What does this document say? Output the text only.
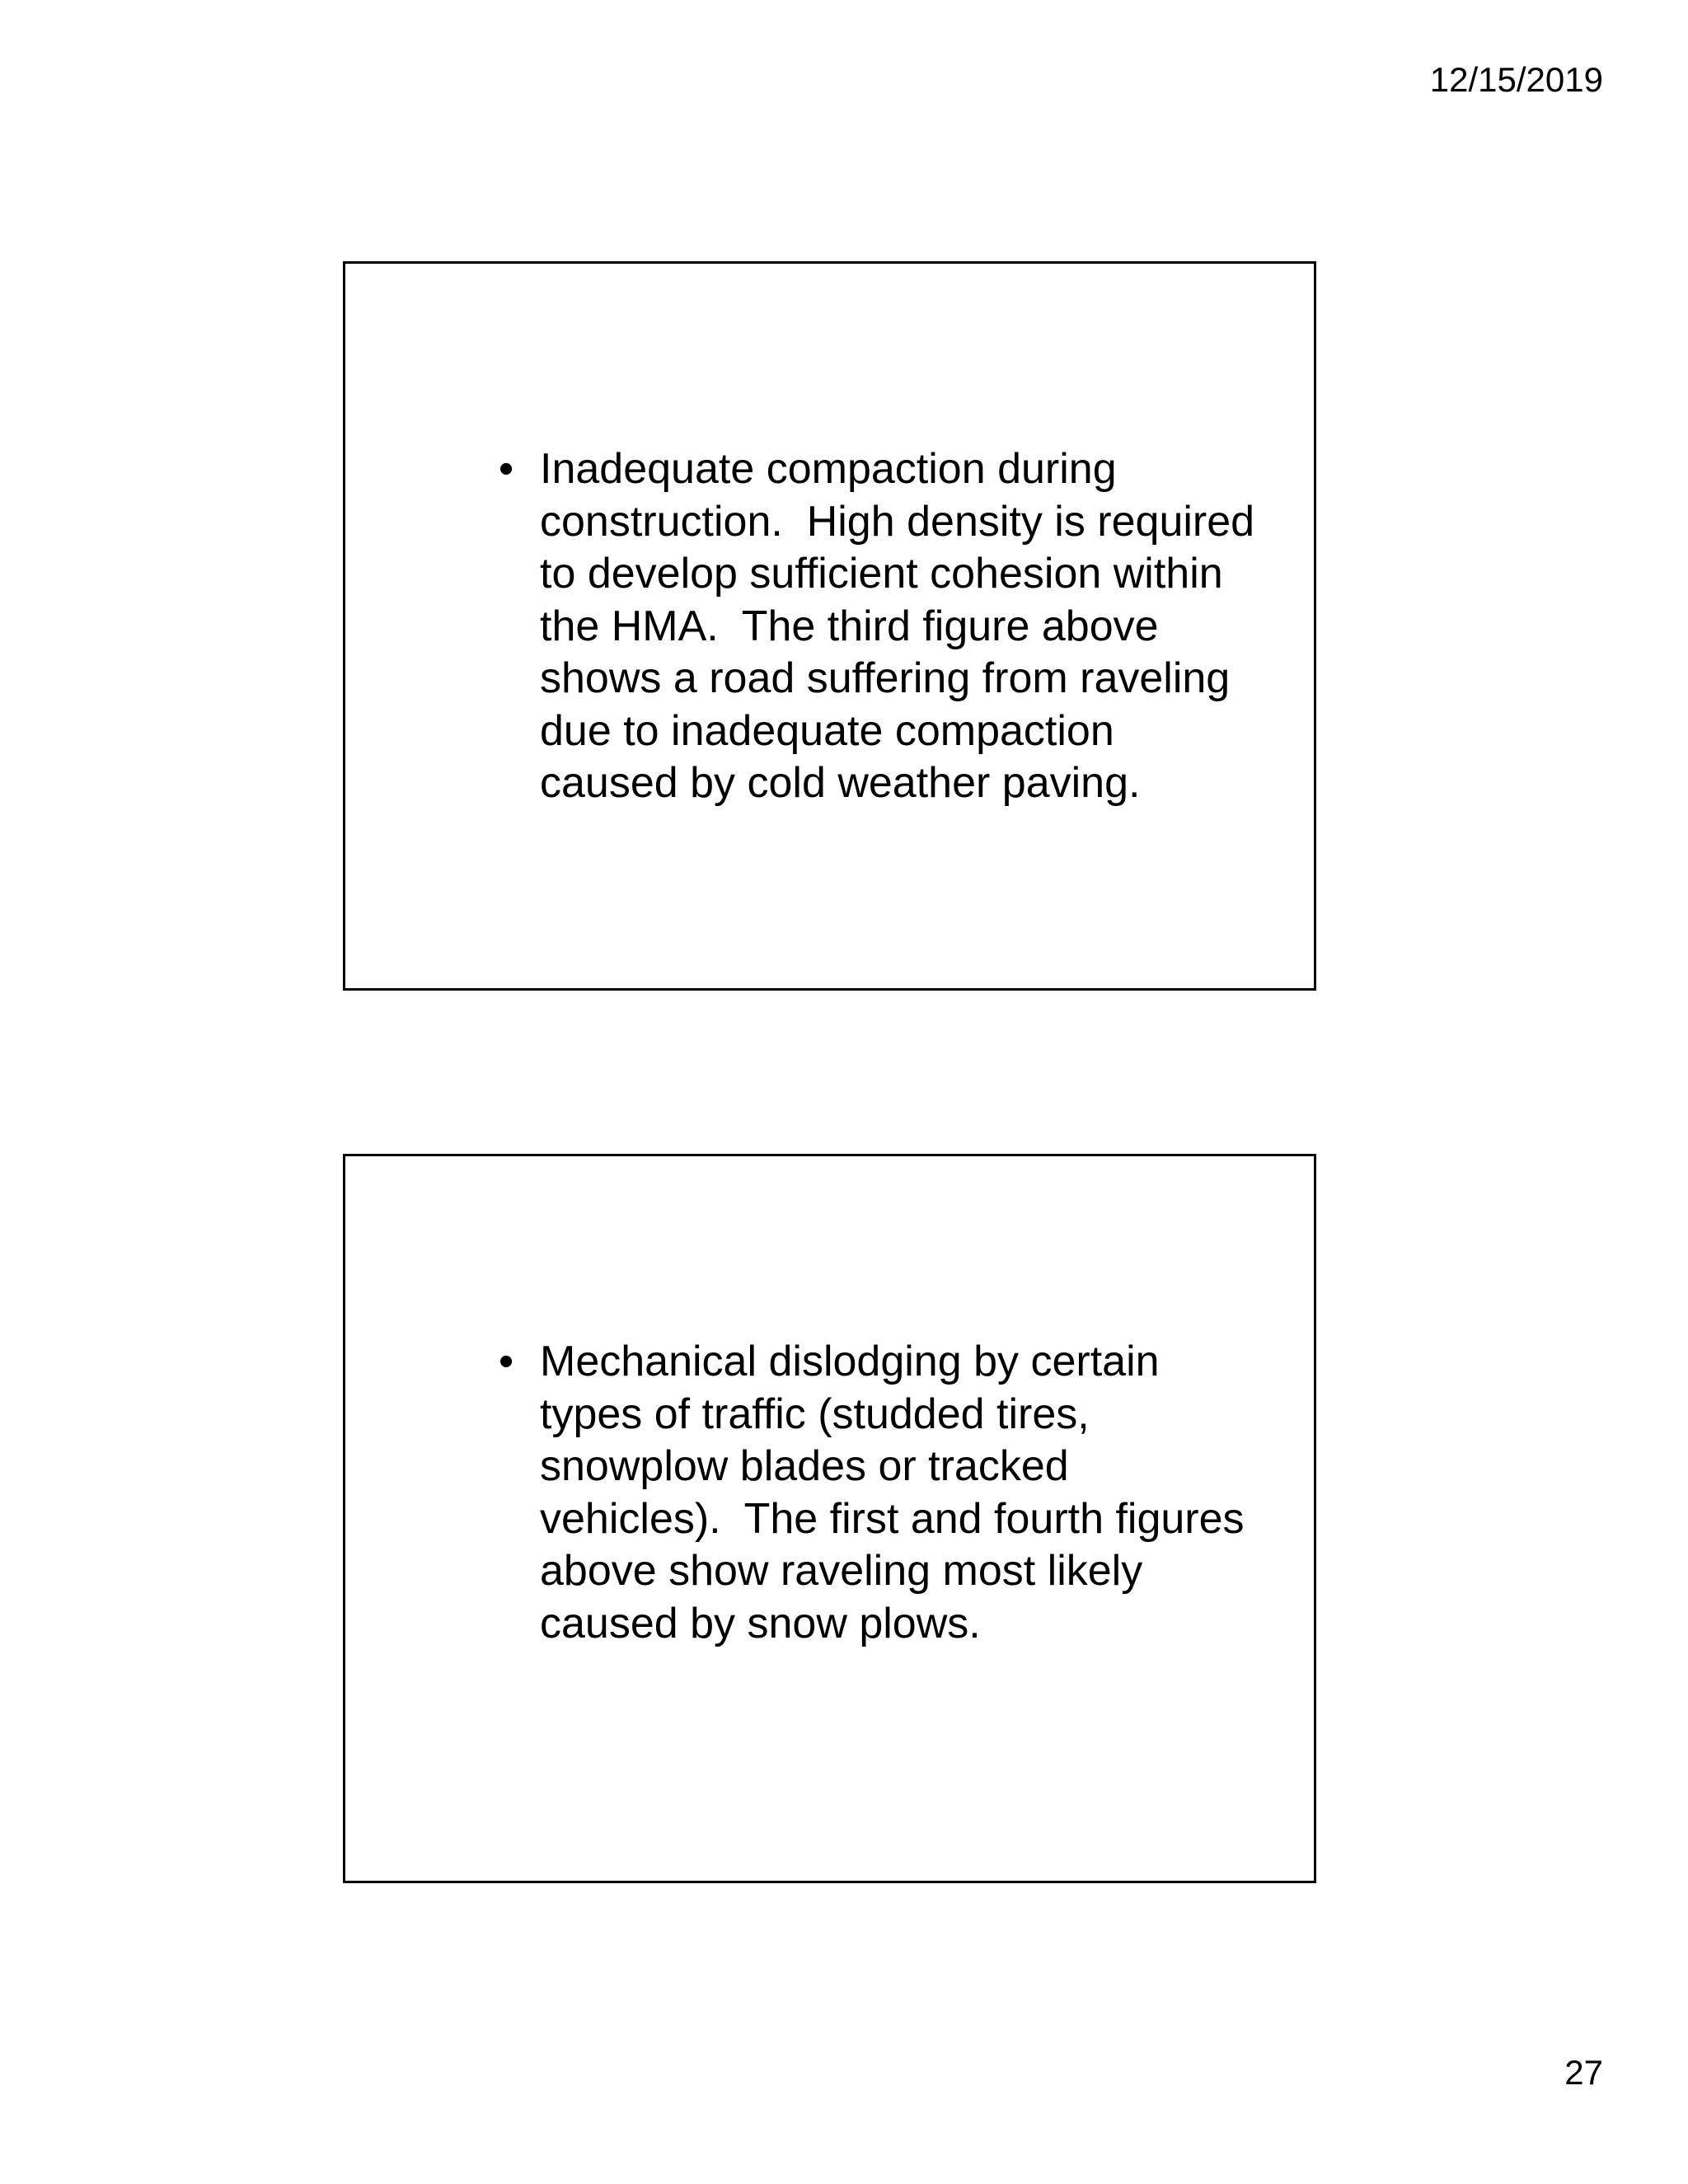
12/15/2019
• Inadequate compaction during
construction.  High density is required
to develop sufficient cohesion within
the HMA.  The third figure above
shows a road suffering from raveling
due to inadequate compaction
caused by cold weather paving.
• Mechanical dislodging by certain
types of traffic (studded tires,
snowplow blades or tracked
vehicles).  The first and fourth figures
above show raveling most likely
caused by snow plows.
27
